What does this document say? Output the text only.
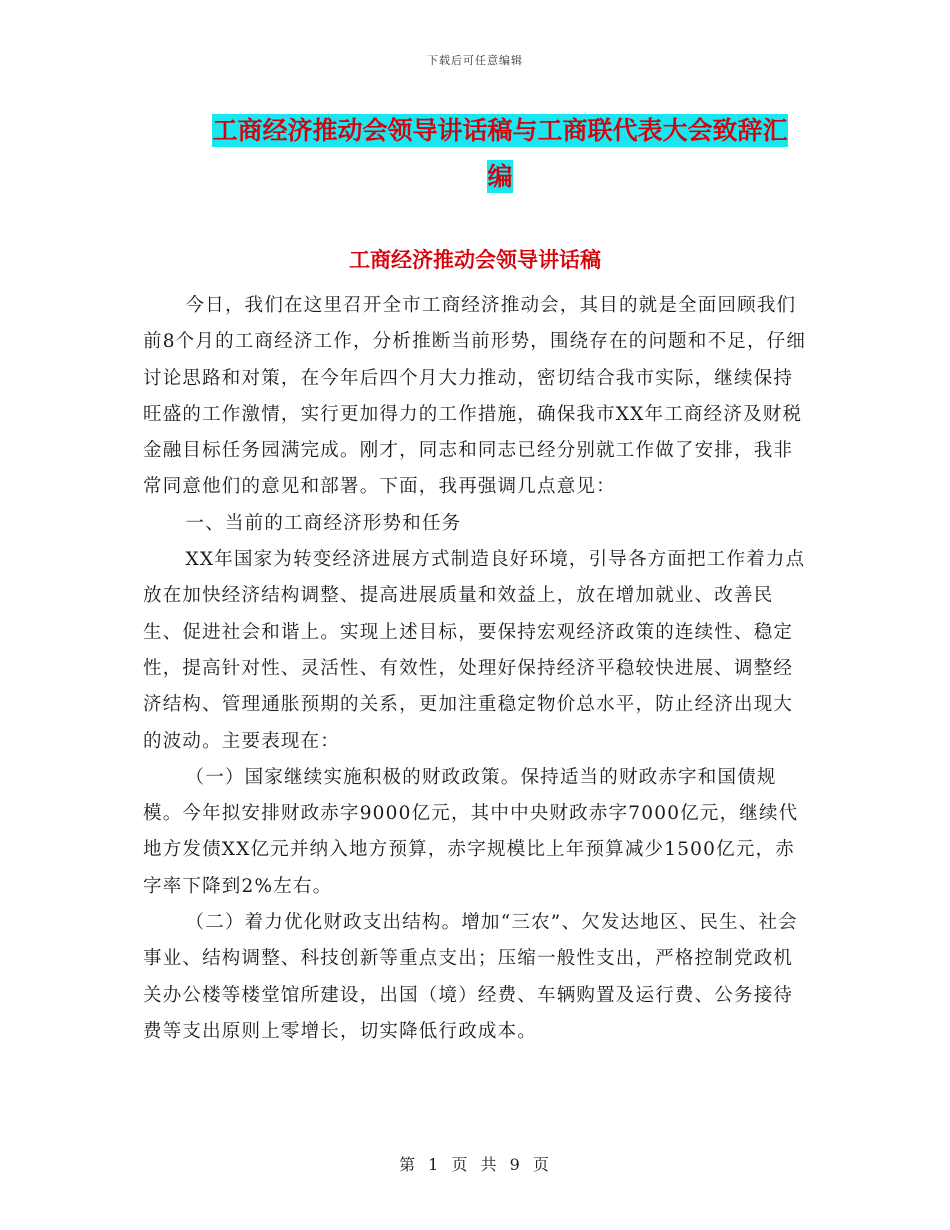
下载后可任意编辑
工商经济推动会领导讲话稿与工商联代表大会致辞汇
编
工商经济推动会领导讲话稿

今日，我们在这里召开全市工商经济推动会，其目的就是全面回顾我们前8个月的工商经济工作，分析推断当前形势，围绕存在的问题和不足，仔细讨论思路和对策，在今年后四个月大力推动，密切结合我市实际，继续保持旺盛的工作激情，实行更加得力的工作措施，确保我市XX年工商经济及财税金融目标任务园满完成。刚才，同志和同志已经分别就工作做了安排，我非常同意他们的意见和部署。下面，我再强调几点意见：

一、当前的工商经济形势和任务

XX年国家为转变经济进展方式制造良好环境，引导各方面把工作着力点放在加快经济结构调整、提高进展质量和效益上，放在增加就业、改善民生、促进社会和谐上。实现上述目标，要保持宏观经济政策的连续性、稳定性，提高针对性、灵活性、有效性，处理好保持经济平稳较快进展、调整经济结构、管理通胀预期的关系，更加注重稳定物价总水平，防止经济出现大的波动。主要表现在：

（一）国家继续实施积极的财政政策。保持适当的财政赤字和国债规模。今年拟安排财政赤字9000亿元，其中中央财政赤字7000亿元，继续代地方发债XX亿元并纳入地方预算，赤字规模比上年预算减少1500亿元，赤字率下降到2%左右。

（二）着力优化财政支出结构。增加“三农”、欠发达地区、民生、社会事业、结构调整、科技创新等重点支出；压缩一般性支出，严格控制党政机关办公楼等楼堂馆所建设，出国（境）经费、车辆购置及运行费、公务接待费等支出原则上零增长，切实降低行政成本。

第 1 页 共 9 页
